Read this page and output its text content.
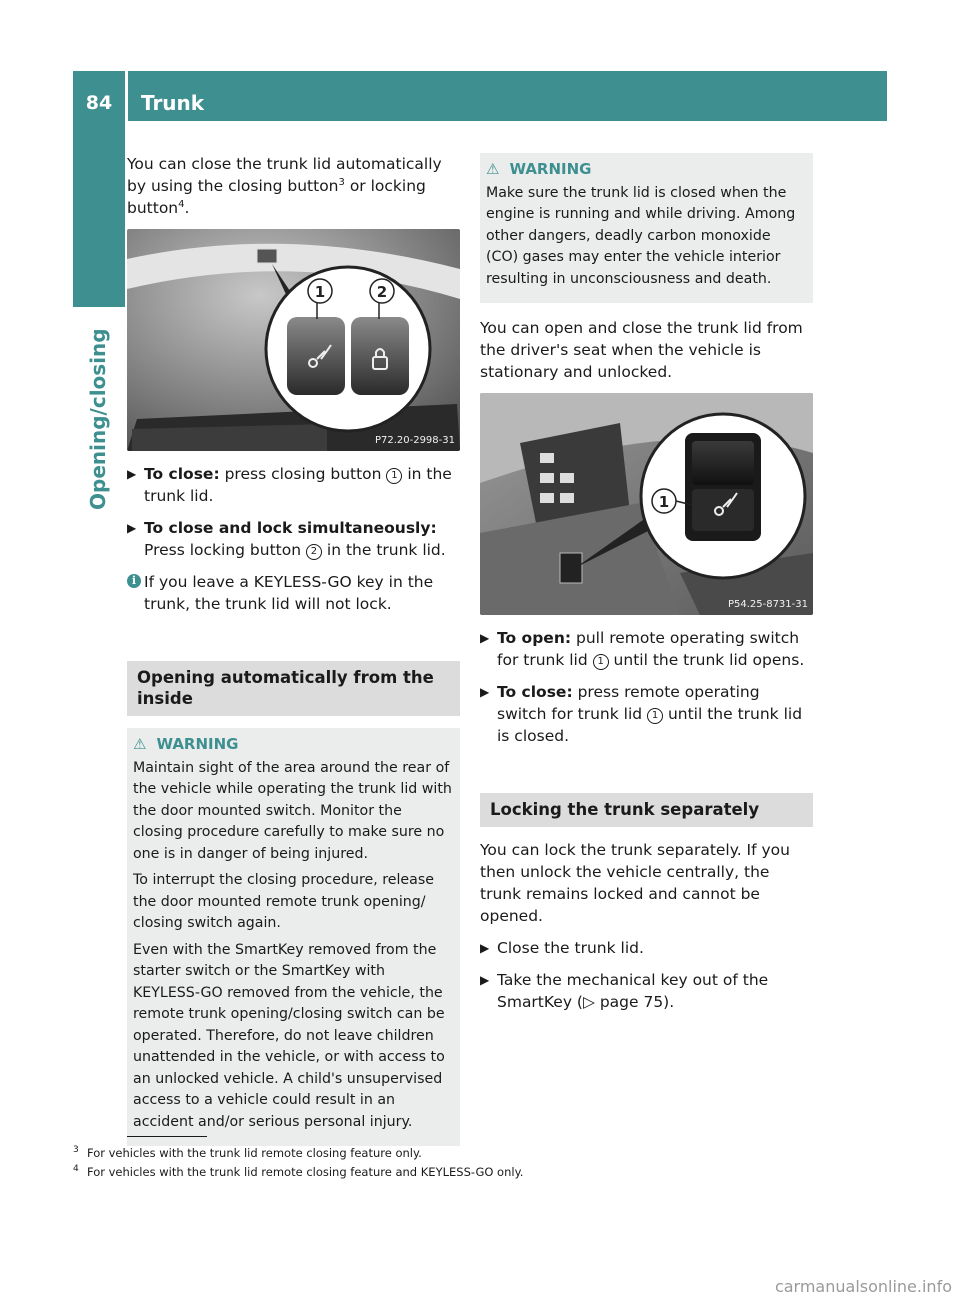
84	Trunk
Opening/closing

You can close the trunk lid automatically by using the closing button$^3$ or locking button$^4$.

1	2
P72.20-2998-31
▶ To close: press closing button 1 in the trunk lid.
▶ To close and lock simultaneously:
Press locking button 2 in the trunk lid.
i If you leave a KEYLESS-GO key in the trunk, the trunk lid will not lock.
Opening automatically from the inside
⚠ WARNING

Maintain sight of the area around the rear of the vehicle while operating the trunk lid with the door mounted switch. Monitor the closing procedure carefully to make sure no one is in danger of being injured.

To interrupt the closing procedure, release the door mounted remote trunk opening/ closing switch again.

Even with the SmartKey removed from the starter switch or the SmartKey with KEYLESS-GO removed from the vehicle, the remote trunk opening/closing switch can be operated. Therefore, do not leave children unattended in the vehicle, or with access to an unlocked vehicle. A child's unsupervised access to a vehicle could result in an accident and/or serious personal injury.

⚠ WARNING

Make sure the trunk lid is closed when the engine is running and while driving. Among other dangers, deadly carbon monoxide (CO) gases may enter the vehicle interior resulting in unconsciousness and death.

You can open and close the trunk lid from the driver's seat when the vehicle is stationary and unlocked.

1
P54.25-8731-31
▶ To open: pull remote operating switch for trunk lid 1 until the trunk lid opens.
▶ To close: press remote operating switch for trunk lid 1 until the trunk lid is closed.
Locking the trunk separately

You can lock the trunk separately. If you then unlock the vehicle centrally, the trunk remains locked and cannot be opened.

▶ Close the trunk lid.
▶ Take the mechanical key out of the SmartKey (▷ page 75).
3 For vehicles with the trunk lid remote closing feature only.
4 For vehicles with the trunk lid remote closing feature and KEYLESS-GO only.
carmanualsonline.info
